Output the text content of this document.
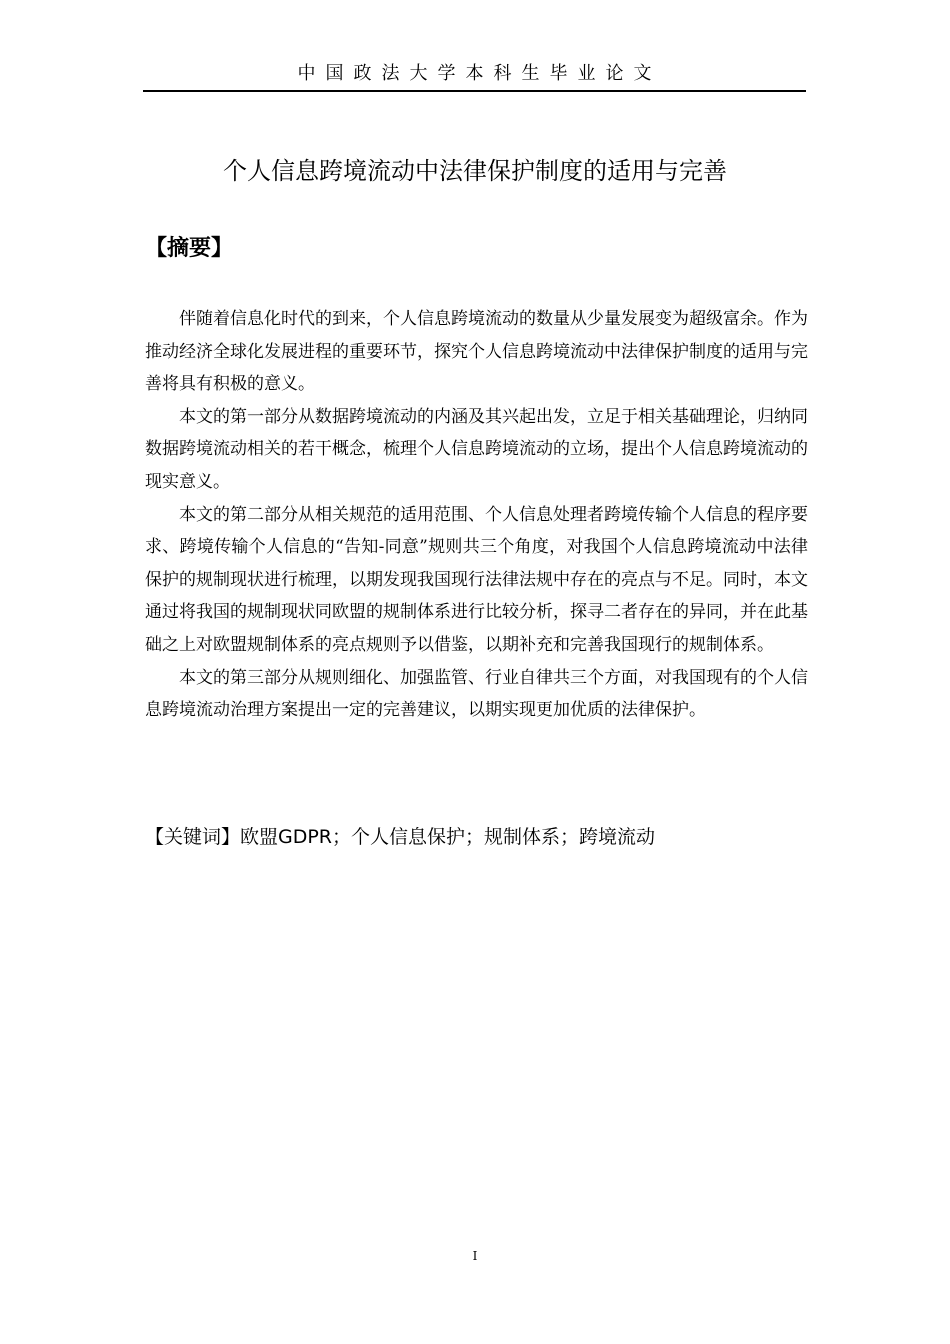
中国政法大学本科生毕业论文
个人信息跨境流动中法律保护制度的适用与完善
【摘要】

伴随着信息化时代的到来，个人信息跨境流动的数量从少量发展变为超级富余。作为推动经济全球化发展进程的重要环节，探究个人信息跨境流动中法律保护制度的适用与完善将具有积极的意义。

本文的第一部分从数据跨境流动的内涵及其兴起出发，立足于相关基础理论，归纳同数据跨境流动相关的若干概念，梳理个人信息跨境流动的立场，提出个人信息跨境流动的现实意义。

本文的第二部分从相关规范的适用范围、个人信息处理者跨境传输个人信息的程序要求、跨境传输个人信息的“告知-同意”规则共三个角度，对我国个人信息跨境流动中法律保护的规制现状进行梳理，以期发现我国现行法律法规中存在的亮点与不足。同时，本文通过将我国的规制现状同欧盟的规制体系进行比较分析，探寻二者存在的异同，并在此基础之上对欧盟规制体系的亮点规则予以借鉴，以期补充和完善我国现行的规制体系。

本文的第三部分从规则细化、加强监管、行业自律共三个方面，对我国现有的个人信息跨境流动治理方案提出一定的完善建议，以期实现更加优质的法律保护。

【关键词】欧盟GDPR；个人信息保护；规制体系；跨境流动
I
